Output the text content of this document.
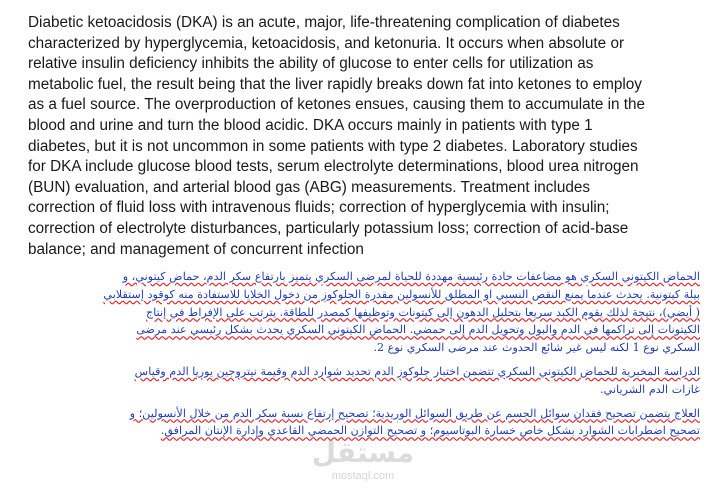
Diabetic ketoacidosis (DKA) is an acute, major, life-threatening complication of diabetes
characterized by hyperglycemia, ketoacidosis, and ketonuria. It occurs when absolute or
relative insulin deficiency inhibits the ability of glucose to enter cells for utilization as
metabolic fuel, the result being that the liver rapidly breaks down fat into ketones to employ
as a fuel source. The overproduction of ketones ensues, causing them to accumulate in the
blood and urine and turn the blood acidic. DKA occurs mainly in patients with type 1
diabetes, but it is not uncommon in some patients with type 2 diabetes. Laboratory studies
for DKA include glucose blood tests, serum electrolyte determinations, blood urea nitrogen
(BUN) evaluation, and arterial blood gas (ABG) measurements. Treatment includes
correction of fluid loss with intravenous fluids; correction of hyperglycemia with insulin;
correction of electrolyte disturbances, particularly potassium loss; correction of acid-base
balance; and management of concurrent infection
الحماض الكيتوني السكري هو مضاعفات حادة رئيسية مهددة للحياة لمرضى السكري يتميز بارتفاع سكر الدم، حماض كيتوني، و
بيلة كيتونية. يحدث عندما يمنع النقص النسبي او المطلق للأنسولين مقدرة الجلوكوز من دخول الخلايا للاستفادة منه كوقود إستقلابي
( أيضي)، نتيجة لذلك يقوم الكبد سريعا بتحليل الدهون إلى كيتونات وتوظيفها كمصدر للطاقة. يترتب على الإفراط في إنتاج
الكيتونات إلى تراكمها في الدم والبول وتحويل الدم إلى حمضي. الحماض الكيتوني السكري يحدث بشكل رئيسي عند مرضى
السكري نوع 1 لكنه ليس غير شائع الحدوث عند مرضى السكري نوع 2.
الدراسة المخبرية للحماض الكيتوني السكري تتضمن اختبار جلوكوز الدم تحديد شوارد الدم وقيمة نيتروجين يوريا الدم وقياس
غازات الدم الشرياني.
العلاج يتضمن تصحيح فقدان سوائل الجسم عن طريق السوائل الوريدية؛ تصحيح إرتفاع نسبة سكر الدم من خلال الأنسولين؛ و
تصحيح اضطرابات الشوارد بشكل خاص خسارة البوتاسيوم؛ و تصحيح التوازن الحمضي القاعدي وإدارة الإنتان المرافق.
مستقل
mostaql.com
